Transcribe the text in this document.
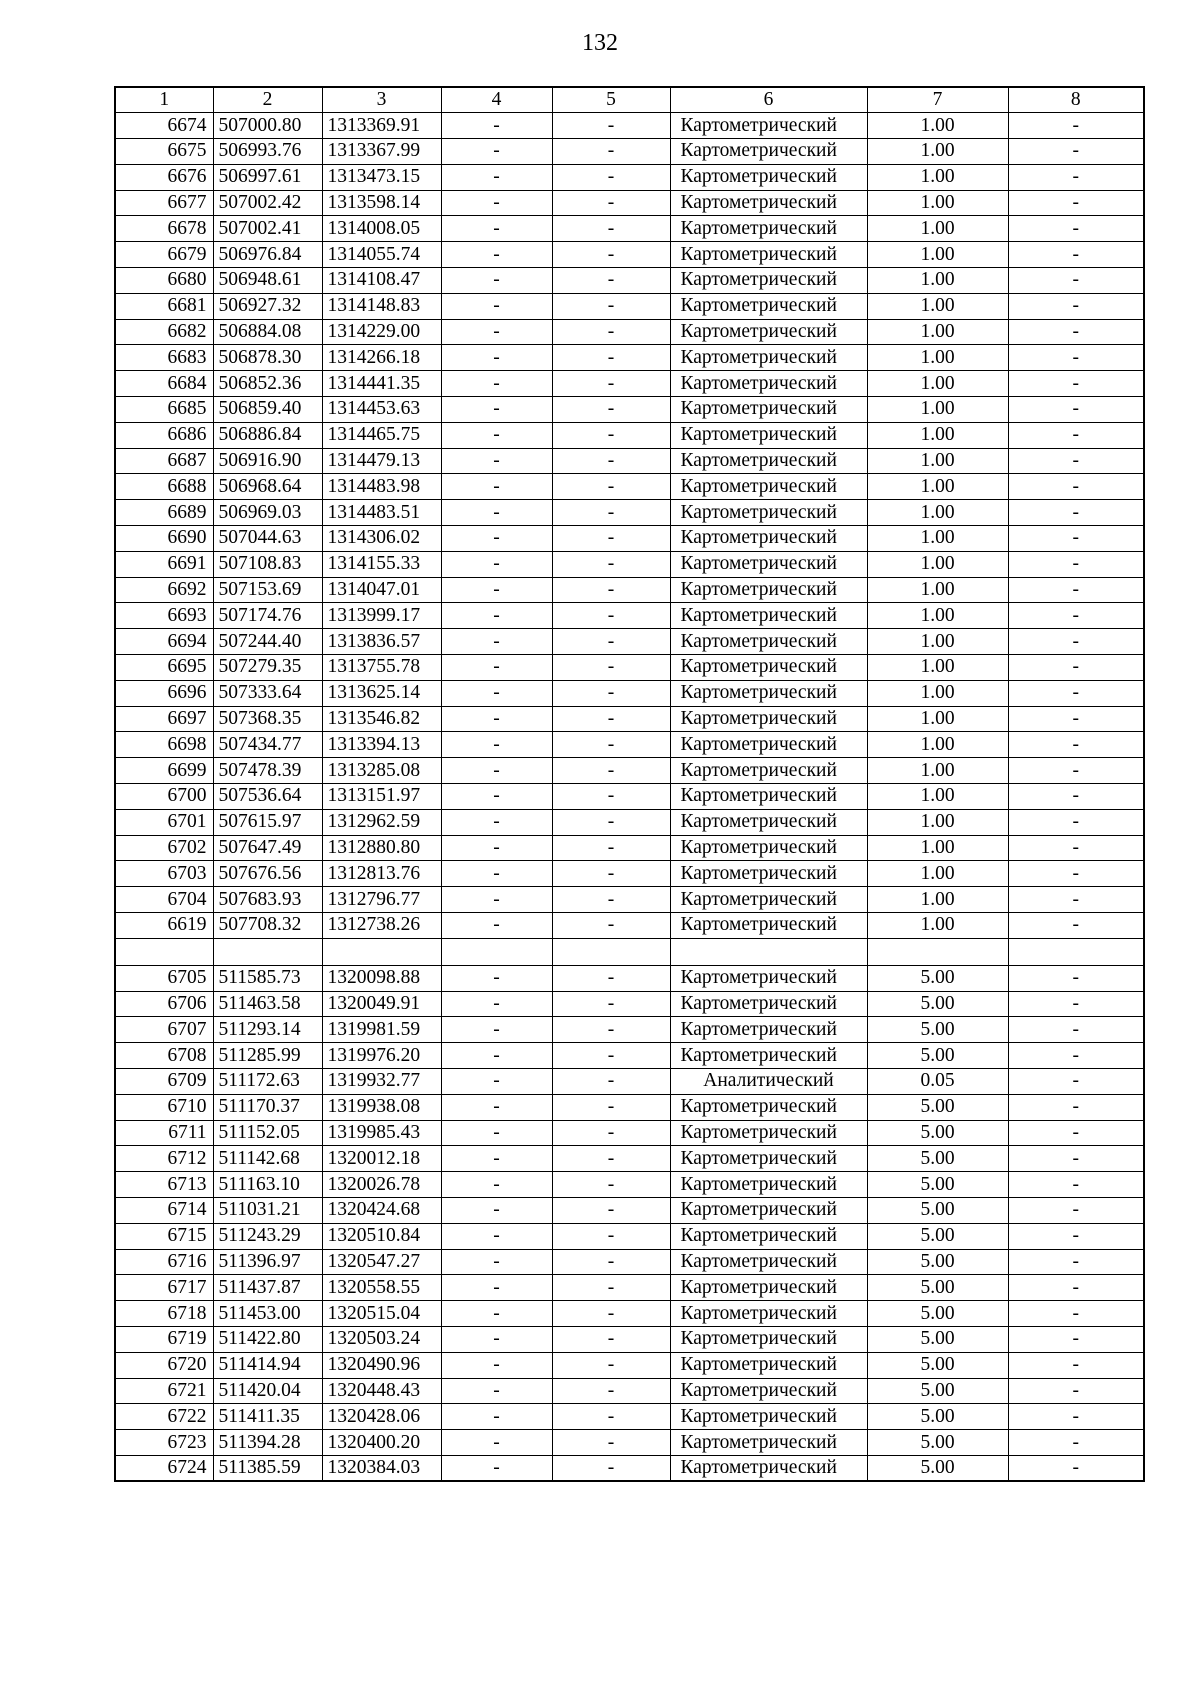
132
1	2	3	4	5	6	7	8
6674	507000.80	1313369.91	-	-	Картометрический	1.00	-
6675	506993.76	1313367.99	-	-	Картометрический	1.00	-
6676	506997.61	1313473.15	-	-	Картометрический	1.00	-
6677	507002.42	1313598.14	-	-	Картометрический	1.00	-
6678	507002.41	1314008.05	-	-	Картометрический	1.00	-
6679	506976.84	1314055.74	-	-	Картометрический	1.00	-
6680	506948.61	1314108.47	-	-	Картометрический	1.00	-
6681	506927.32	1314148.83	-	-	Картометрический	1.00	-
6682	506884.08	1314229.00	-	-	Картометрический	1.00	-
6683	506878.30	1314266.18	-	-	Картометрический	1.00	-
6684	506852.36	1314441.35	-	-	Картометрический	1.00	-
6685	506859.40	1314453.63	-	-	Картометрический	1.00	-
6686	506886.84	1314465.75	-	-	Картометрический	1.00	-
6687	506916.90	1314479.13	-	-	Картометрический	1.00	-
6688	506968.64	1314483.98	-	-	Картометрический	1.00	-
6689	506969.03	1314483.51	-	-	Картометрический	1.00	-
6690	507044.63	1314306.02	-	-	Картометрический	1.00	-
6691	507108.83	1314155.33	-	-	Картометрический	1.00	-
6692	507153.69	1314047.01	-	-	Картометрический	1.00	-
6693	507174.76	1313999.17	-	-	Картометрический	1.00	-
6694	507244.40	1313836.57	-	-	Картометрический	1.00	-
6695	507279.35	1313755.78	-	-	Картометрический	1.00	-
6696	507333.64	1313625.14	-	-	Картометрический	1.00	-
6697	507368.35	1313546.82	-	-	Картометрический	1.00	-
6698	507434.77	1313394.13	-	-	Картометрический	1.00	-
6699	507478.39	1313285.08	-	-	Картометрический	1.00	-
6700	507536.64	1313151.97	-	-	Картометрический	1.00	-
6701	507615.97	1312962.59	-	-	Картометрический	1.00	-
6702	507647.49	1312880.80	-	-	Картометрический	1.00	-
6703	507676.56	1312813.76	-	-	Картометрический	1.00	-
6704	507683.93	1312796.77	-	-	Картометрический	1.00	-
6619	507708.32	1312738.26	-	-	Картометрический	1.00	-

6705	511585.73	1320098.88	-	-	Картометрический	5.00	-
6706	511463.58	1320049.91	-	-	Картометрический	5.00	-
6707	511293.14	1319981.59	-	-	Картометрический	5.00	-
6708	511285.99	1319976.20	-	-	Картометрический	5.00	-
6709	511172.63	1319932.77	-	-	Аналитический	0.05	-
6710	511170.37	1319938.08	-	-	Картометрический	5.00	-
6711	511152.05	1319985.43	-	-	Картометрический	5.00	-
6712	511142.68	1320012.18	-	-	Картометрический	5.00	-
6713	511163.10	1320026.78	-	-	Картометрический	5.00	-
6714	511031.21	1320424.68	-	-	Картометрический	5.00	-
6715	511243.29	1320510.84	-	-	Картометрический	5.00	-
6716	511396.97	1320547.27	-	-	Картометрический	5.00	-
6717	511437.87	1320558.55	-	-	Картометрический	5.00	-
6718	511453.00	1320515.04	-	-	Картометрический	5.00	-
6719	511422.80	1320503.24	-	-	Картометрический	5.00	-
6720	511414.94	1320490.96	-	-	Картометрический	5.00	-
6721	511420.04	1320448.43	-	-	Картометрический	5.00	-
6722	511411.35	1320428.06	-	-	Картометрический	5.00	-
6723	511394.28	1320400.20	-	-	Картометрический	5.00	-
6724	511385.59	1320384.03	-	-	Картометрический	5.00	-
